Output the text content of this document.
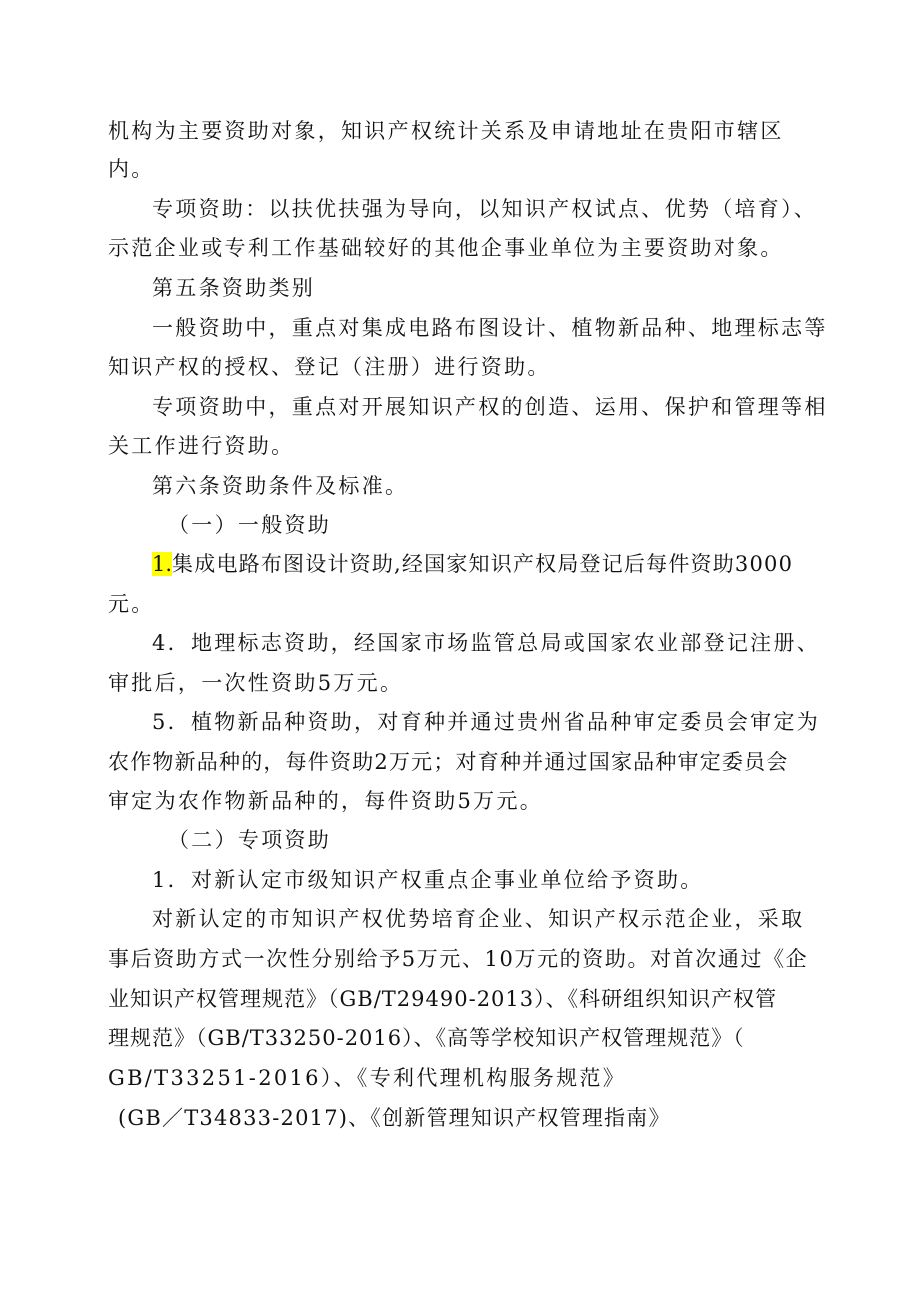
机构为主要资助对象，知识产权统计关系及申请地址在贵阳市辖区
内。
专项资助：以扶优扶强为导向，以知识产权试点、优势（培育）、
示范企业或专利工作基础较好的其他企事业单位为主要资助对象。
第五条资助类别
一般资助中，重点对集成电路布图设计、植物新品种、地理标志等
知识产权的授权、登记（注册）进行资助。
专项资助中，重点对开展知识产权的创造、运用、保护和管理等相
关工作进行资助。
第六条资助条件及标准。
（一）一般资助
1.集成电路布图设计资助,经国家知识产权局登记后每件资助3000
元。
4．地理标志资助，经国家市场监管总局或国家农业部登记注册、
审批后，一次性资助5万元。
5．植物新品种资助，对育种并通过贵州省品种审定委员会审定为
农作物新品种的，每件资助2万元；对育种并通过国家品种审定委员会
审定为农作物新品种的，每件资助5万元。
（二）专项资助
1．对新认定市级知识产权重点企事业单位给予资助。
对新认定的市知识产权优势培育企业、知识产权示范企业，采取
事后资助方式一次性分别给予5万元、10万元的资助。对首次通过《企
业知识产权管理规范》（GB/T29490-2013）、《科研组织知识产权管
理规范》（GB/T33250-2016）、《高等学校知识产权管理规范》（
GB/T33251-2016）、《专利代理机构服务规范》
(GB／T34833-2017)、《创新管理知识产权管理指南》
